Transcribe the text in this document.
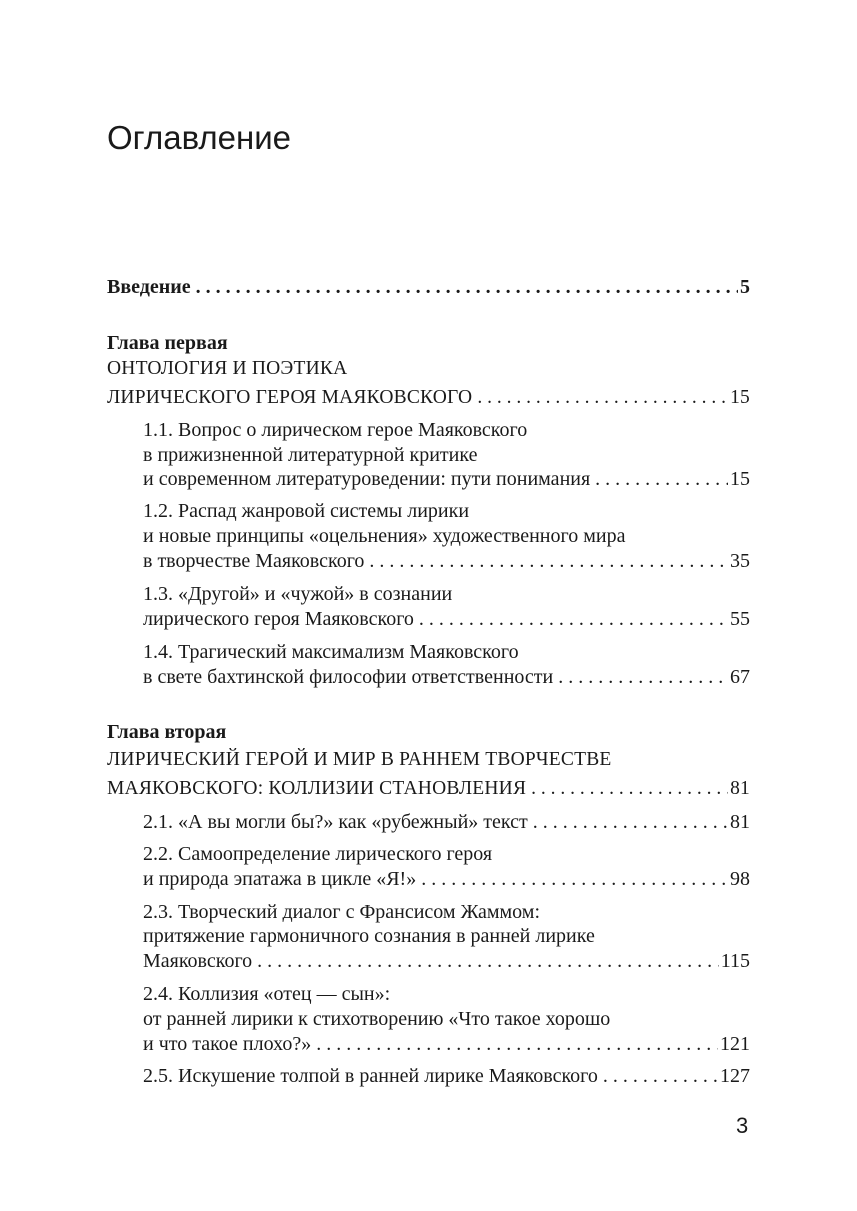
Оглавление
Введение . . .	5
Глава первая
ОНТОЛОГИЯ И ПОЭТИКА
ЛИРИЧЕСКОГО ГЕРОЯ МАЯКОВСКОГО . . .	15
1.1. Вопрос о лирическом герое Маяковского
в прижизненной литературной критике
и современном литературоведении: пути понимания . . .	15
1.2. Распад жанровой системы лирики
и новые принципы «оцельнения» художественного мира
в творчестве Маяковского . . .	35
1.3. «Другой» и «чужой» в сознании
лирического героя Маяковского . . .	55
1.4. Трагический максимализм Маяковского
в свете бахтинской философии ответственности . . .	67
Глава вторая
ЛИРИЧЕСКИЙ ГЕРОЙ И МИР В РАННЕМ ТВОРЧЕСТВЕ
МАЯКОВСКОГО: КОЛЛИЗИИ СТАНОВЛЕНИЯ . . .	81
2.1. «А вы могли бы?» как «рубежный» текст . . .	81
2.2. Самоопределение лирического героя
и природа эпатажа в цикле «Я!» . . .	98
2.3. Творческий диалог с Франсисом Жаммом:
притяжение гармоничного сознания в ранней лирике
Маяковского . . .	115
2.4. Коллизия «отец — сын»:
от ранней лирики к стихотворению «Что такое хорошо
и что такое плохо?» . . .	121
2.5. Искушение толпой в ранней лирике Маяковского . . .	127
3
